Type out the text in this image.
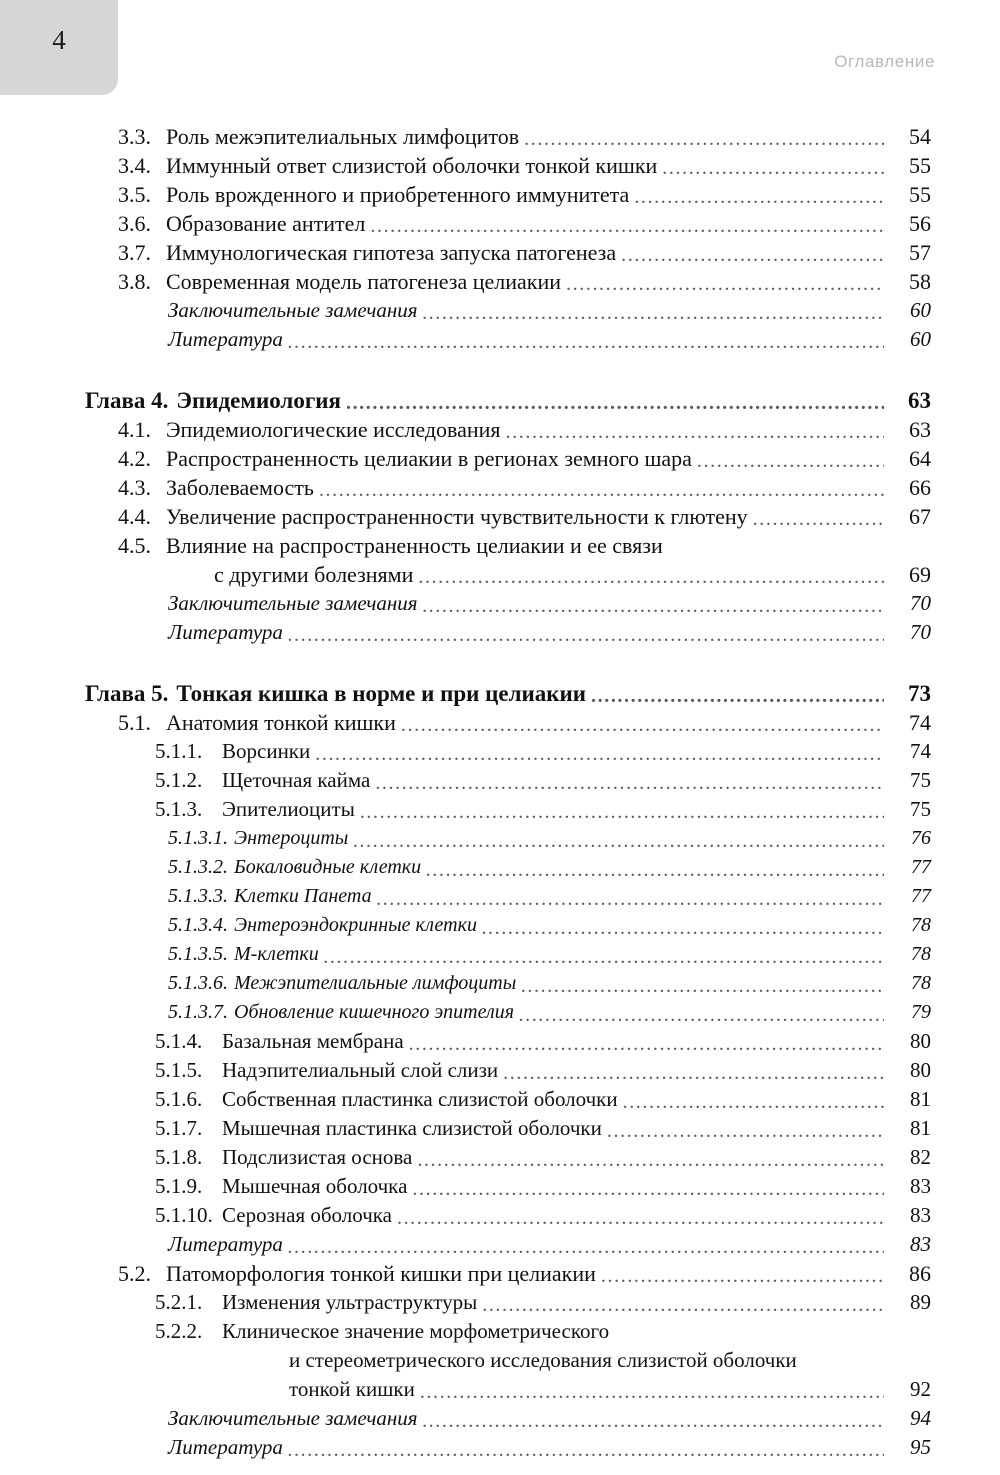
4
Оглавление
3.3. Роль межэпителиальных лимфоцитов .....	54
3.4. Иммунный ответ слизистой оболочки тонкой кишки .....	55
3.5. Роль врожденного и приобретенного иммунитета .....	55
3.6. Образование антител .....	56
3.7. Иммунологическая гипотеза запуска патогенеза .....	57
3.8. Современная модель патогенеза целиакии .....	58
Заключительные замечания .....	60
Литература .....	60
Глава 4. Эпидемиология .....	63
4.1. Эпидемиологические исследования .....	63
4.2. Распространенность целиакии в регионах земного шара .....	64
4.3. Заболеваемость .....	66
4.4. Увеличение распространенности чувствительности к глютену .....	67
4.5. Влияние на распространенность целиакии и ее связи
с другими болезнями .....	69
Заключительные замечания .....	70
Литература .....	70
Глава 5. Тонкая кишка в норме и при целиакии .....	73
5.1. Анатомия тонкой кишки .....	74
5.1.1. Ворсинки .....	74
5.1.2. Щеточная кайма .....	75
5.1.3. Эпителиоциты .....	75
5.1.3.1. Энтероциты .....	76
5.1.3.2. Бокаловидные клетки .....	77
5.1.3.3. Клетки Панета .....	77
5.1.3.4. Энтероэндокринные клетки .....	78
5.1.3.5. М-клетки .....	78
5.1.3.6. Межэпителиальные лимфоциты .....	78
5.1.3.7. Обновление кишечного эпителия .....	79
5.1.4. Базальная мембрана .....	80
5.1.5. Надэпителиальный слой слизи .....	80
5.1.6. Собственная пластинка слизистой оболочки .....	81
5.1.7. Мышечная пластинка слизистой оболочки .....	81
5.1.8. Подслизистая основа .....	82
5.1.9. Мышечная оболочка .....	83
5.1.10. Серозная оболочка .....	83
Литература .....	83
5.2. Патоморфология тонкой кишки при целиакии .....	86
5.2.1. Изменения ультраструктуры .....	89
5.2.2. Клиническое значение морфометрического
и стереометрического исследования слизистой оболочки
тонкой кишки .....	92
Заключительные замечания .....	94
Литература .....	95
